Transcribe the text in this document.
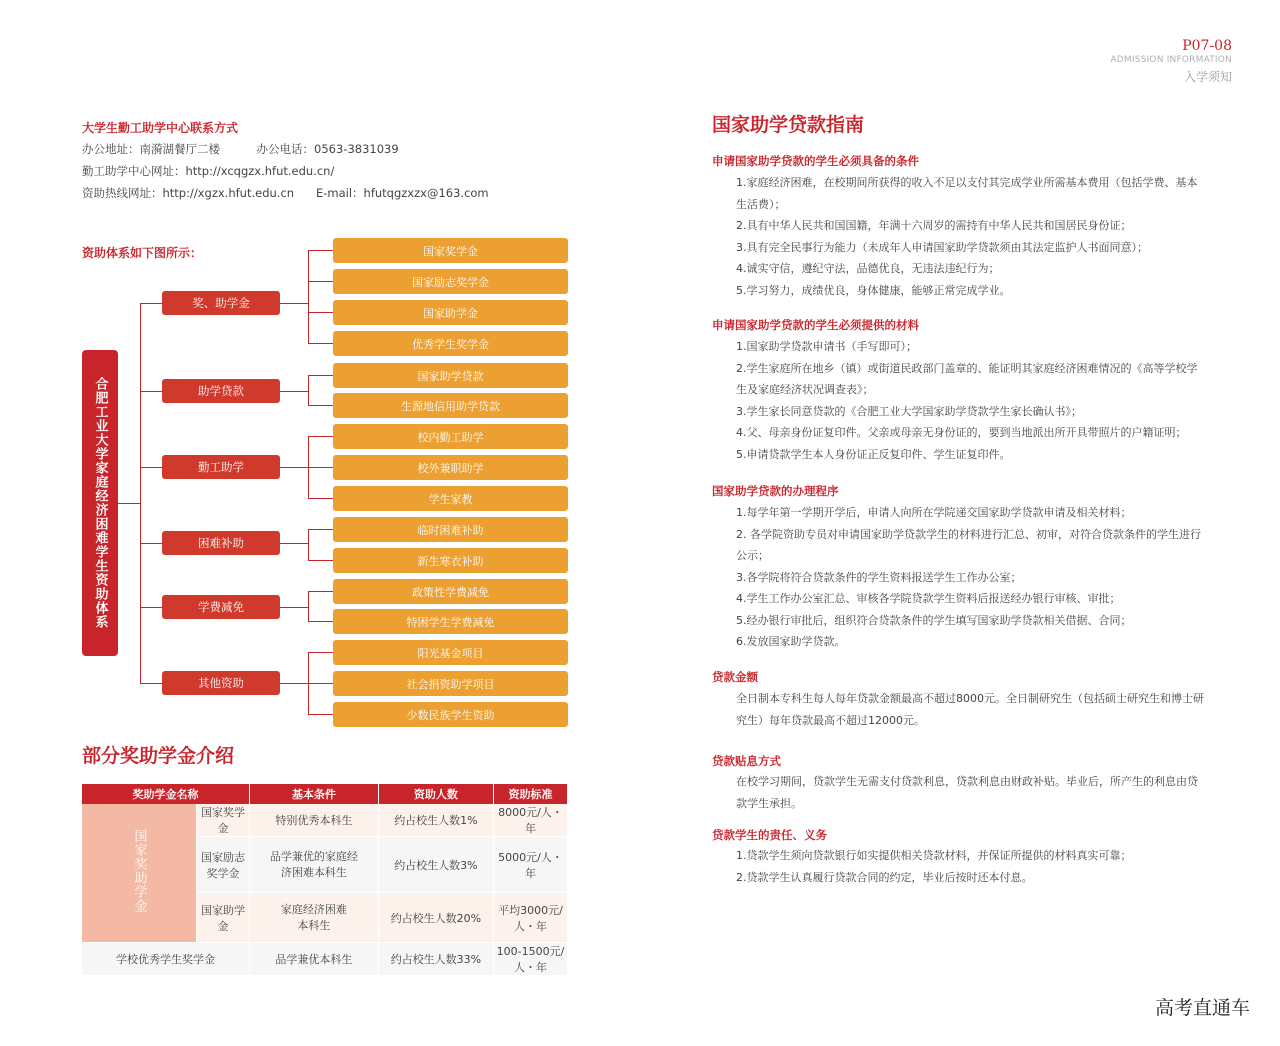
P07-08
ADMISSION INFORMATION
入学须知
大学生勤工助学中心联系方式
办公地址：南漪湖餐厅二楼          办公电话：0563-3831039
勤工助学中心网址：http://xcqgzx.hfut.edu.cn/
资助热线网址：http://xgzx.hfut.edu.cn      E-mail：hfutqgzxzx@163.com
资助体系如下图所示：
合肥工业大学家庭经济困难学生资助体系
奖、助学金
助学贷款
勤工助学
困难补助
学费减免
其他资助
国家奖学金
国家励志奖学金
国家助学金
优秀学生奖学金
国家助学贷款
生源地信用助学贷款
校内勤工助学
校外兼职助学
学生家教
临时困难补助
新生寒衣补助
政策性学费减免
特困学生学费减免
阳光基金项目
社会捐资助学项目
少数民族学生资助
部分奖助学金介绍
奖助学金名称		基本条件	资助人数	资助标准
国家奖助学金	国家奖学金	特别优秀本科生	约占校生人数1%	8000元/人・年
	国家励志奖学金	品学兼优的家庭经济困难本科生	约占校生人数3%	5000元/人・年
	国家助学金	家庭经济困难本科生	约占校生人数20%	平均3000元/人・年
学校优秀学生奖学金		品学兼优本科生	约占校生人数33%	100-1500元/人・年
国家助学贷款指南
申请国家助学贷款的学生必须具备的条件
1.家庭经济困难，在校期间所获得的收入不足以支付其完成学业所需基本费用（包括学费、基本生活费）；
2.具有中华人民共和国国籍，年满十六周岁的需持有中华人民共和国居民身份证；
3.具有完全民事行为能力（未成年人申请国家助学贷款须由其法定监护人书面同意）；
4.诚实守信，遵纪守法，品德优良，无违法违纪行为；
5.学习努力，成绩优良，身体健康，能够正常完成学业。
申请国家助学贷款的学生必须提供的材料
1.国家助学贷款申请书（手写即可）；
2.学生家庭所在地乡（镇）或街道民政部门盖章的、能证明其家庭经济困难情况的《高等学校学生及家庭经济状况调查表》；
3.学生家长同意贷款的《合肥工业大学国家助学贷款学生家长确认书》；
4.父、母亲身份证复印件。父亲或母亲无身份证的，要到当地派出所开具带照片的户籍证明；
5.申请贷款学生本人身份证正反复印件、学生证复印件。
国家助学贷款的办理程序
1.每学年第一学期开学后，申请人向所在学院递交国家助学贷款申请及相关材料；
2. 各学院资助专员对申请国家助学贷款学生的材料进行汇总、初审，对符合贷款条件的学生进行公示；
3.各学院将符合贷款条件的学生资料报送学生工作办公室；
4.学生工作办公室汇总、审核各学院贷款学生资料后报送经办银行审核、审批；
5.经办银行审批后，组织符合贷款条件的学生填写国家助学贷款相关借据、合同；
6.发放国家助学贷款。
贷款金额
全日制本专科生每人每年贷款金额最高不超过8000元。全日制研究生（包括硕士研究生和博士研究生）每年贷款最高不超过12000元。
贷款贴息方式
在校学习期间，贷款学生无需支付贷款利息，贷款利息由财政补贴。毕业后，所产生的利息由贷款学生承担。
贷款学生的责任、义务
1.贷款学生须向贷款银行如实提供相关贷款材料，并保证所提供的材料真实可靠；
2.贷款学生认真履行贷款合同的约定，毕业后按时还本付息。
高考直通车
